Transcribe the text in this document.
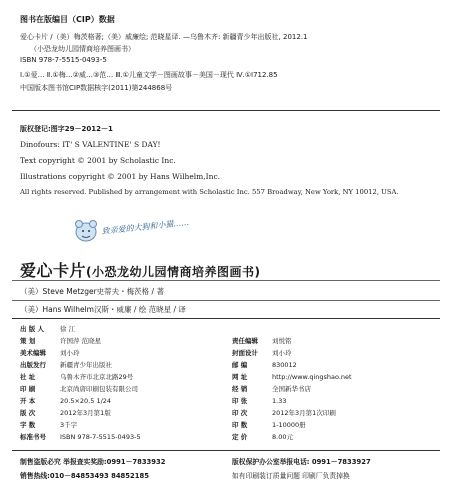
图书在版编目（CIP）数据
爱心卡片 /（美）梅茨格著;（美）威廉绘; 范晓星译. —乌鲁木齐: 新疆青少年出版社, 2012.1
（小恐龙幼儿园情商培养图画书）
ISBN 978-7-5515-0493-5
Ⅰ.①爱… Ⅱ.①梅…②威…③范… Ⅲ.①儿童文学－图画故事－美国－现代 Ⅳ.①I712.85
中国版本图书馆CIP数据核字(2011)第244868号
版权登记:图字29－2012－1
Dinofours: IT' S VALENTINE' S DAY!
Text copyright © 2001 by Scholastic Inc.
Illustrations copyright © 2001 by Hans Wilhelm,Inc.
All rights reserved. Published by arrangement with Scholastic Inc. 557 Broadway, New York, NY 10012, USA.
致亲爱的大狗和小猫……
爱心卡片(小恐龙幼儿园情商培养图画书)
（美）Steve Metzger史蒂夫・梅茨格 / 著
（美）Hans Wilhelm汉斯・威廉 / 绘 范晓星 / 译
出 版 人 徐 江
策 划	许国萍 范晓星
美术编辑 刘小玲
出版发行 新疆青少年出版社
社 址	乌鲁木齐市北京北路29号
印 刷	北京尚唐印刷包装有限公司
开 本	20.5×20.5 1/24
版 次	2012年3月第1版
字 数	3千字
标准书号 ISBN 978-7-5515-0493-5
责任编辑 刘悦铭
封面设计 刘小玲
邮 编	830012
网 址	http://www.qingshao.net
经 销	全国新华书店
印 张	1.33
印 次	2012年3月第1次印刷
印 数	1-10000册
定 价	8.00元
制售盗版必究 举报查实奖励:0991－7833932
销售热线:010－84853493 84852185
版权保护办公室举报电话: 0991－7833927
如有印刷装订质量问题 印刷厂负责掉换
